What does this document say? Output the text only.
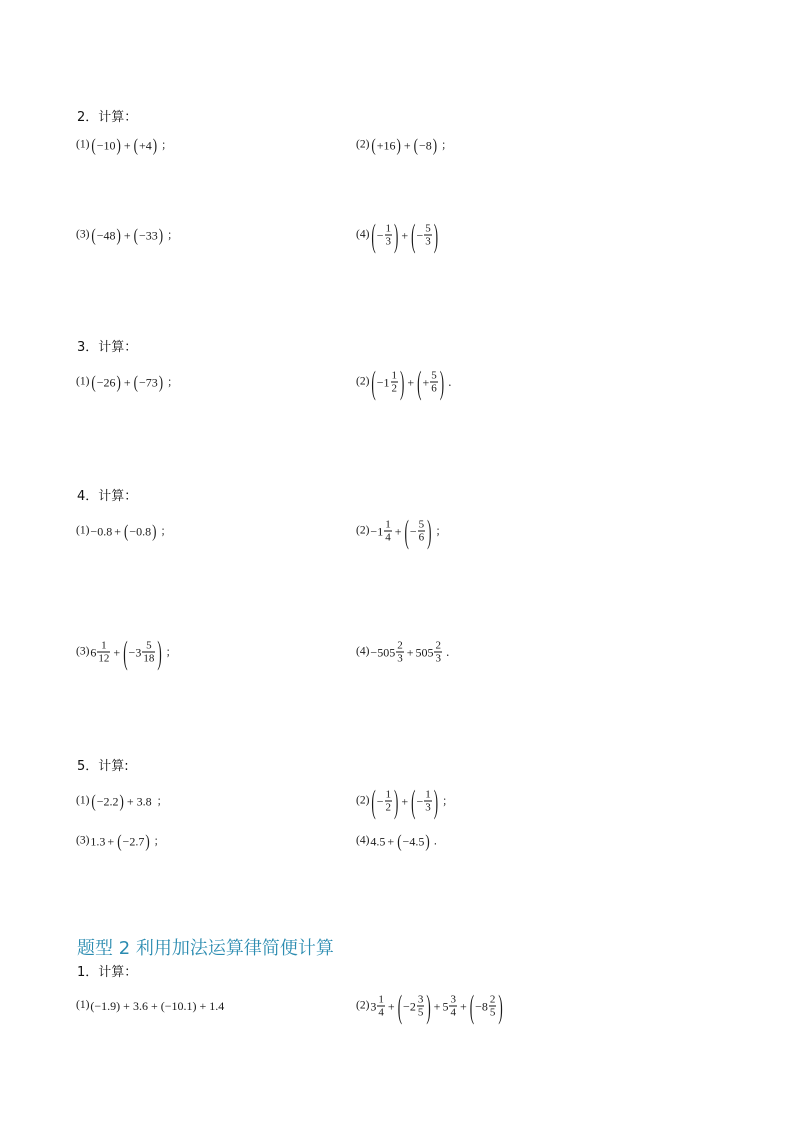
2．计算：
(1) ( −10 ) + ( +4 ) ；	(2) ( +16 ) + ( −8 ) ；
(3) ( −48 ) + ( −33 ) ；	(4) ( − $\frac{1}{3}$ ) + ( − $\frac{5}{3}$ )
3．计算：
(1) ( −26 ) + ( −73 ) ；	(2) ( $-1 \frac{1}{2}$ ) + ( + $\frac{5}{6}$ ) ．
4．计算：
(1) −0.8 + ( −0.8 ) ；	$(2) -1 \frac{1}{4}$ + ( − $\frac{5}{6}$ ) ；
(3) $6 \frac{1}{12}$ + ( $-3 \frac{5}{18}$ ) ；	$(4) -505 \frac{2}{3} + 505 \frac{2}{3}$ ．
5．计算:
(1) ( −2.2 ) + 3.8 ；	(2) ( − $\frac{1}{2}$ ) + ( − $\frac{1}{3}$ ) ；
(3) 1.3 + ( −2.7 ) ；	(4) 4.5 + ( −4.5 ) .
题型 2 利用加法运算律简便计算
1．计算：
(1) (−1.9) + 3.6 + (−10.1) + 1.4	(2) $3 \frac{1}{4}$ + ( $-2 \frac{3}{5}$ ) + $5 \frac{3}{4}$ + ( $-8 \frac{2}{5}$ )
